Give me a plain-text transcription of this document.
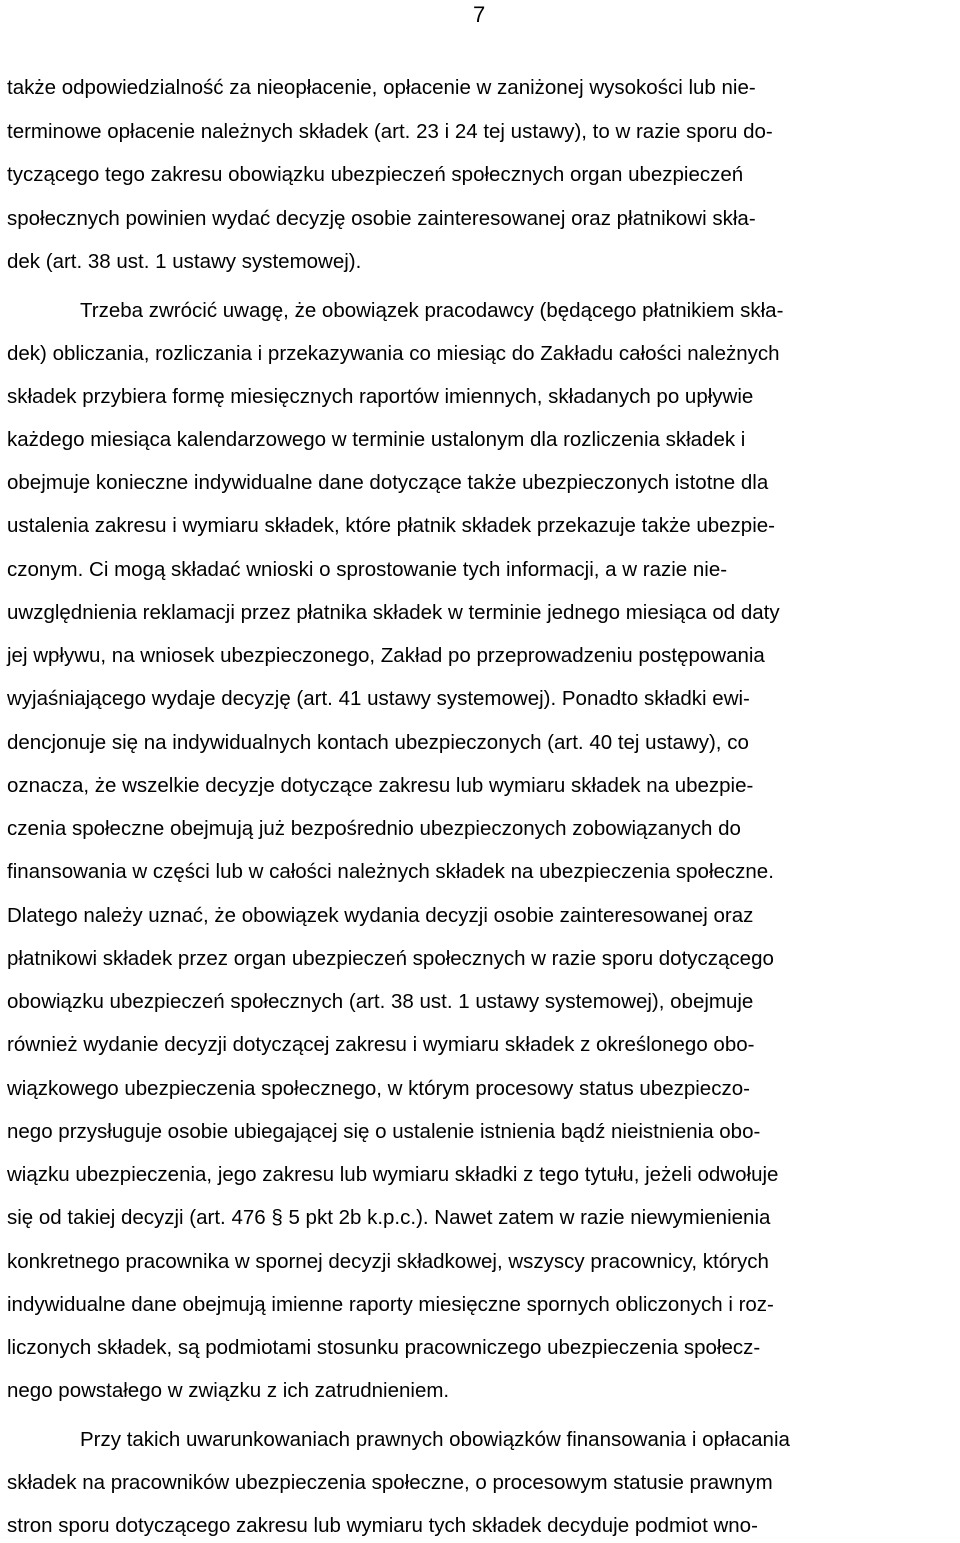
7
także odpowiedzialność za nieopłacenie, opłacenie w zaniżonej wysokości lub nie-
terminowe opłacenie należnych składek (art. 23 i 24 tej ustawy), to w razie sporu do-
tyczącego tego zakresu obowiązku ubezpieczeń społecznych organ ubezpieczeń
społecznych powinien wydać decyzję osobie zainteresowanej oraz płatnikowi skła-
dek (art. 38 ust. 1 ustawy systemowej).
Trzeba zwrócić uwagę, że obowiązek pracodawcy (będącego płatnikiem skła-
dek) obliczania, rozliczania i przekazywania co miesiąc do Zakładu całości należnych
składek przybiera formę miesięcznych raportów imiennych, składanych po upływie
każdego miesiąca kalendarzowego w terminie ustalonym dla rozliczenia składek i
obejmuje konieczne indywidualne dane dotyczące także ubezpieczonych istotne dla
ustalenia zakresu i wymiaru składek, które płatnik składek przekazuje także ubezpie-
czonym. Ci mogą składać wnioski o sprostowanie tych informacji, a w razie nie-
uwzględnienia reklamacji przez płatnika składek w terminie jednego miesiąca od daty
jej wpływu, na wniosek ubezpieczonego, Zakład po przeprowadzeniu postępowania
wyjaśniającego wydaje decyzję (art. 41 ustawy systemowej). Ponadto składki ewi-
dencjonuje się na indywidualnych kontach ubezpieczonych (art. 40 tej ustawy), co
oznacza, że wszelkie decyzje dotyczące zakresu lub wymiaru składek na ubezpie-
czenia społeczne obejmują już bezpośrednio ubezpieczonych zobowiązanych do
finansowania w części lub w całości należnych składek na ubezpieczenia społeczne.
Dlatego należy uznać, że obowiązek wydania decyzji osobie zainteresowanej oraz
płatnikowi składek przez organ ubezpieczeń społecznych w razie sporu dotyczącego
obowiązku ubezpieczeń społecznych (art. 38 ust. 1 ustawy systemowej), obejmuje
również wydanie decyzji dotyczącej zakresu i wymiaru składek z określonego obo-
wiązkowego ubezpieczenia społecznego, w którym procesowy status ubezpieczo-
nego przysługuje osobie ubiegającej się o ustalenie istnienia bądź nieistnienia obo-
wiązku ubezpieczenia, jego zakresu lub wymiaru składki z tego tytułu, jeżeli odwołuje
się od takiej decyzji (art. 476 § 5 pkt 2b k.p.c.). Nawet zatem w razie niewymienienia
konkretnego pracownika w spornej decyzji składkowej, wszyscy pracownicy, których
indywidualne dane obejmują imienne raporty miesięczne spornych obliczonych i roz-
liczonych składek, są podmiotami stosunku pracowniczego ubezpieczenia społecz-
nego powstałego w związku z ich zatrudnieniem.
Przy takich uwarunkowaniach prawnych obowiązków finansowania i opłacania
składek na pracowników ubezpieczenia społeczne, o procesowym statusie prawnym
stron sporu dotyczącego zakresu lub wymiaru tych składek decyduje podmiot wno-
